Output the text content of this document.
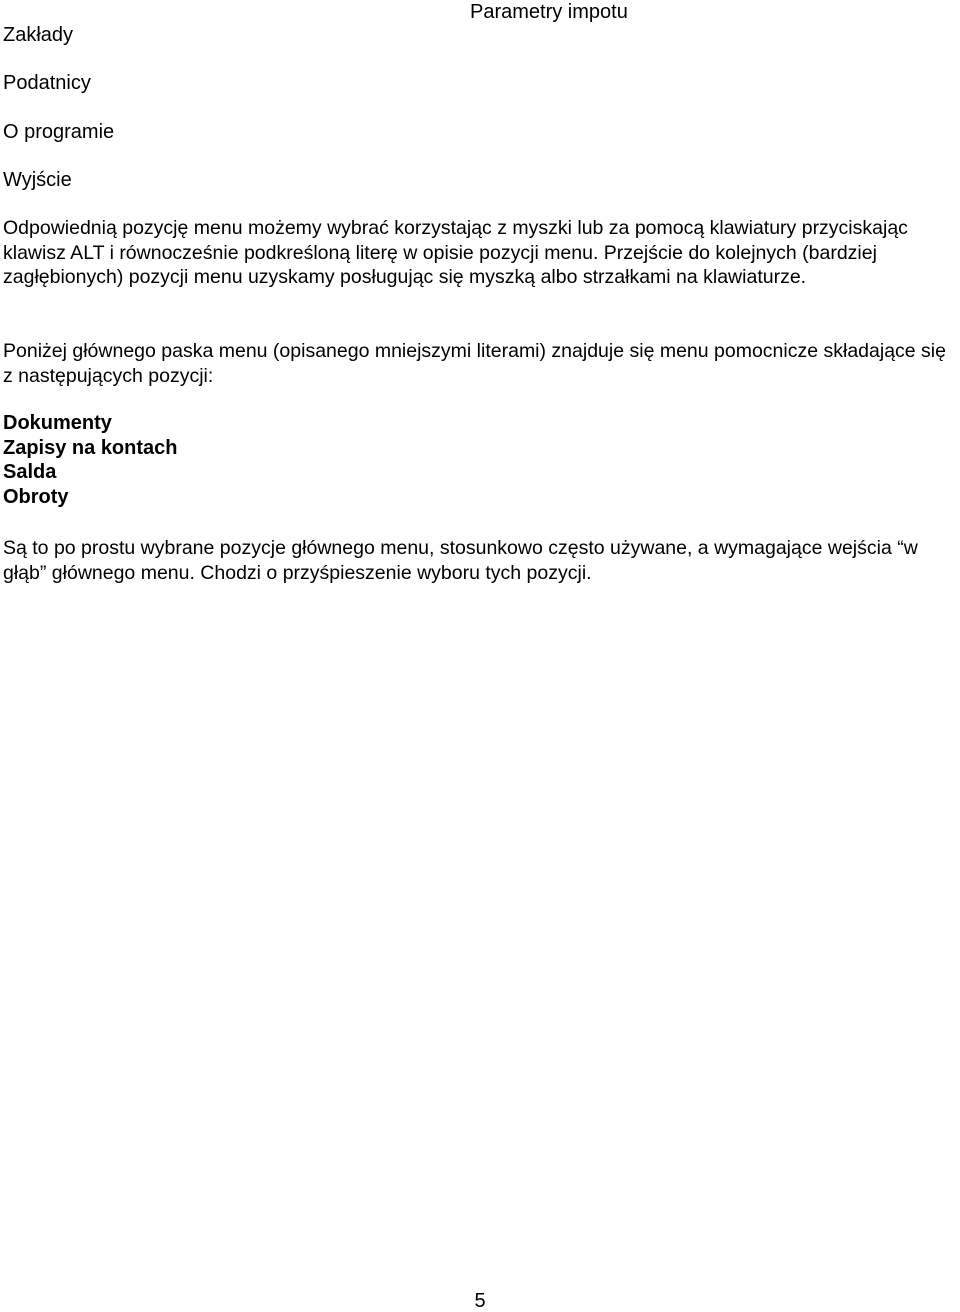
Parametry impotu
Zakłady
Podatnicy
O programie
Wyjście

Odpowiednią pozycję menu możemy wybrać korzystając z myszki lub za pomocą klawiatury przyciskając klawisz ALT i równocześnie podkreśloną literę w opisie pozycji menu. Przejście do kolejnych (bardziej zagłębionych) pozycji menu uzyskamy posługując się myszką albo strzałkami na klawiaturze.

Poniżej głównego paska menu (opisanego mniejszymi literami) znajduje się menu pomocnicze składające się z następujących pozycji:

Dokumenty
Zapisy na kontach
Salda
Obroty

Są to po prostu wybrane pozycje głównego menu, stosunkowo często używane, a wymagające wejścia “w głąb” głównego menu. Chodzi o przyśpieszenie wyboru tych pozycji.

5
